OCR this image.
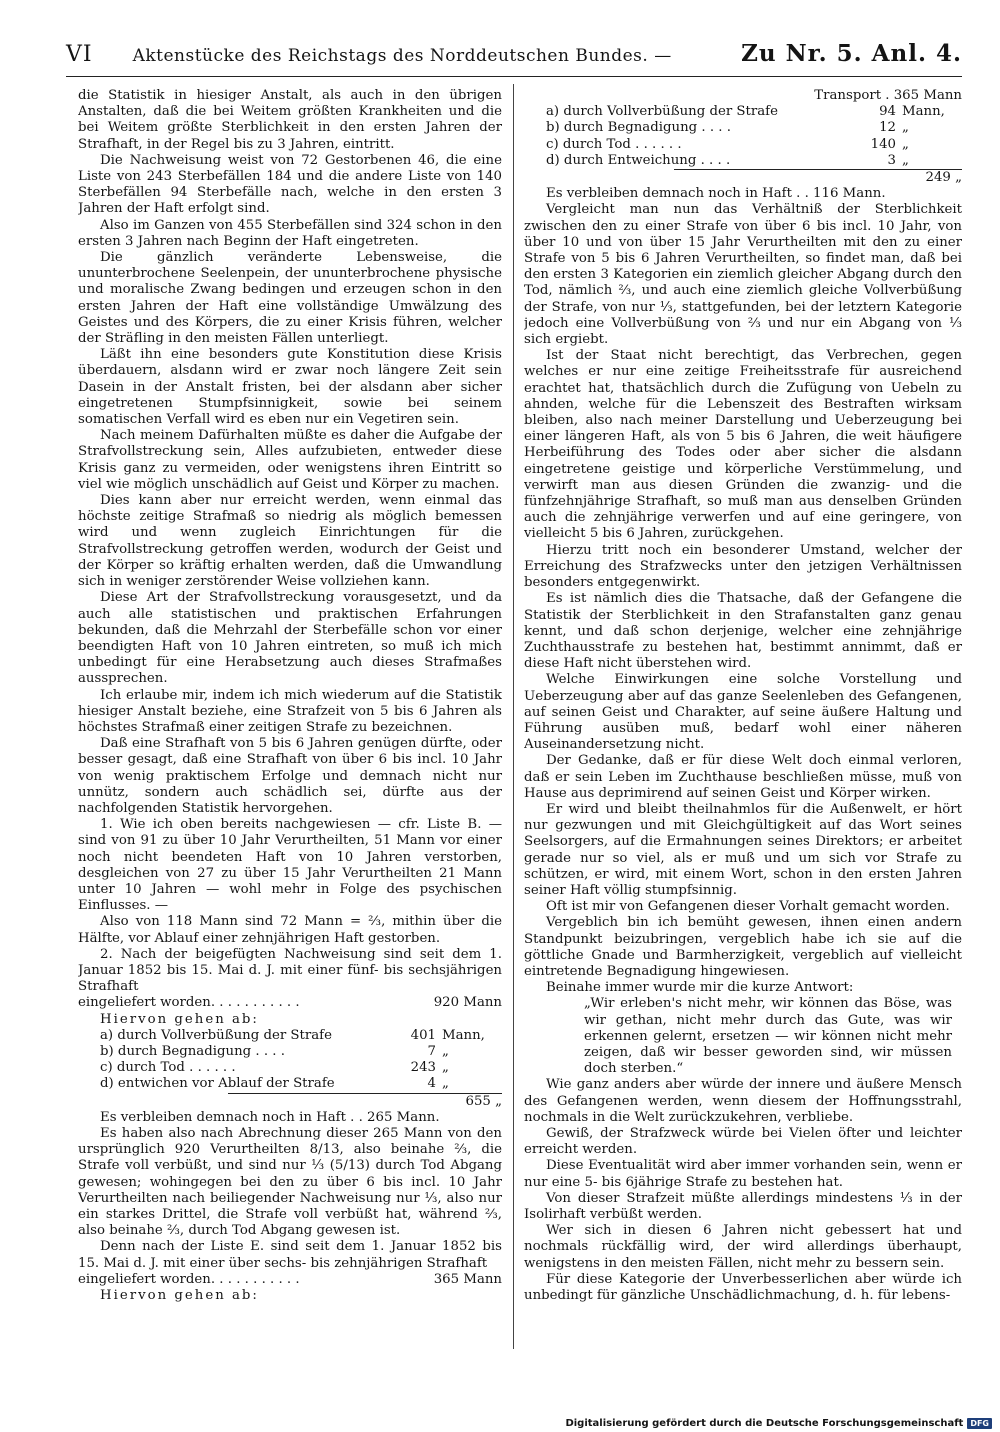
VI Aktenstücke des Reichstags des Norddeutschen Bundes. —	Zu Nr. 5. Anl. 4.

die Statistik in hiesiger Anstalt, als auch in den übrigen Anstalten, daß die bei Weitem größten Krankheiten und die bei Weitem größte Sterblichkeit in den ersten Jahren der Strafhaft, in der Regel bis zu 3 Jahren, eintritt.

Die Nachweisung weist von 72 Gestorbenen 46, die eine Liste von 243 Sterbefällen 184 und die andere Liste von 140 Sterbefällen 94 Sterbefälle nach, welche in den ersten 3 Jahren der Haft erfolgt sind.

Also im Ganzen von 455 Sterbefällen sind 324 schon in den ersten 3 Jahren nach Beginn der Haft eingetreten.

Die gänzlich veränderte Lebensweise, die ununterbrochene Seelenpein, der ununterbrochene physische und moralische Zwang bedingen und erzeugen schon in den ersten Jahren der Haft eine vollständige Umwälzung des Geistes und des Körpers, die zu einer Krisis führen, welcher der Sträfling in den meisten Fällen unterliegt.

Läßt ihn eine besonders gute Konstitution diese Krisis überdauern, alsdann wird er zwar noch längere Zeit sein Dasein in der Anstalt fristen, bei der alsdann aber sicher eingetretenen Stumpfsinnigkeit, sowie bei seinem somatischen Verfall wird es eben nur ein Vegetiren sein.

Nach meinem Dafürhalten müßte es daher die Aufgabe der Strafvollstreckung sein, Alles aufzubieten, entweder diese Krisis ganz zu vermeiden, oder wenigstens ihren Eintritt so viel wie möglich unschädlich auf Geist und Körper zu machen.

Dies kann aber nur erreicht werden, wenn einmal das höchste zeitige Strafmaß so niedrig als möglich bemessen wird und wenn zugleich Einrichtungen für die Strafvollstreckung getroffen werden, wodurch der Geist und der Körper so kräftig erhalten werden, daß die Umwandlung sich in weniger zerstörender Weise vollziehen kann.

Diese Art der Strafvollstreckung vorausgesetzt, und da auch alle statistischen und praktischen Erfahrungen bekunden, daß die Mehrzahl der Sterbefälle schon vor einer beendigten Haft von 10 Jahren eintreten, so muß ich mich unbedingt für eine Herabsetzung auch dieses Strafmaßes aussprechen.

Ich erlaube mir, indem ich mich wiederum auf die Statistik hiesiger Anstalt beziehe, eine Strafzeit von 5 bis 6 Jahren als höchstes Strafmaß einer zeitigen Strafe zu bezeichnen.

Daß eine Strafhaft von 5 bis 6 Jahren genügen dürfte, oder besser gesagt, daß eine Strafhaft von über 6 bis incl. 10 Jahr von wenig praktischem Erfolge und demnach nicht nur unnütz, sondern auch schädlich sei, dürfte aus der nachfolgenden Statistik hervorgehen.

1. Wie ich oben bereits nachgewiesen — cfr. Liste B. — sind von 91 zu über 10 Jahr Verurtheilten, 51 Mann vor einer noch nicht beendeten Haft von 10 Jahren verstorben, desgleichen von 27 zu über 15 Jahr Verurtheilten 21 Mann unter 10 Jahren — wohl mehr in Folge des psychischen Einflusses. —

Also von 118 Mann sind 72 Mann = ⅔, mithin über die Hälfte, vor Ablauf einer zehnjährigen Haft gestorben.

2. Nach der beigefügten Nachweisung sind seit dem 1. Januar 1852 bis 15. Mai d. J. mit einer fünf- bis sechsjährigen Strafhaft

eingeliefert worden. . . . . . . . . . .	920 Mann

Hiervon gehen ab:

a) durch Vollverbüßung der Strafe	401 Mann,
b) durch Begnadigung . . . .	7 „
c) durch Tod . . . . . .	243 „
d) entwichen vor Ablauf der Strafe	4 „
655 „

Es verbleiben demnach noch in Haft . . 265 Mann.

Es haben also nach Abrechnung dieser 265 Mann von den ursprünglich 920 Verurtheilten 8/13, also beinahe ⅔, die Strafe voll verbüßt, und sind nur ⅓ (5/13) durch Tod Abgang gewesen; wohingegen bei den zu über 6 bis incl. 10 Jahr Verurtheilten nach beiliegender Nachweisung nur ⅓, also nur ein starkes Drittel, die Strafe voll verbüßt hat, während ⅔, also beinahe ⅔, durch Tod Abgang gewesen ist.

Denn nach der Liste E. sind seit dem 1. Januar 1852 bis 15. Mai d. J. mit einer über sechs- bis zehnjährigen Strafhaft

eingeliefert worden. . . . . . . . . . .	365 Mann

Hiervon gehen ab:

Transport . 365 Mann
a) durch Vollverbüßung der Strafe	94 Mann,
b) durch Begnadigung . . . .	12 „
c) durch Tod . . . . . .	140 „
d) durch Entweichung . . . .	3 „
249 „

Es verbleiben demnach noch in Haft . . 116 Mann.

Vergleicht man nun das Verhältniß der Sterblichkeit zwischen den zu einer Strafe von über 6 bis incl. 10 Jahr, von über 10 und von über 15 Jahr Verurtheilten mit den zu einer Strafe von 5 bis 6 Jahren Verurtheilten, so findet man, daß bei den ersten 3 Kategorien ein ziemlich gleicher Abgang durch den Tod, nämlich ⅔, und auch eine ziemlich gleiche Vollverbüßung der Strafe, von nur ⅓, stattgefunden, bei der letztern Kategorie jedoch eine Vollverbüßung von ⅔ und nur ein Abgang von ⅓ sich ergiebt.

Ist der Staat nicht berechtigt, das Verbrechen, gegen welches er nur eine zeitige Freiheitsstrafe für ausreichend erachtet hat, thatsächlich durch die Zufügung von Uebeln zu ahnden, welche für die Lebenszeit des Bestraften wirksam bleiben, also nach meiner Darstellung und Ueberzeugung bei einer längeren Haft, als von 5 bis 6 Jahren, die weit häufigere Herbeiführung des Todes oder aber sicher die alsdann eingetretene geistige und körperliche Verstümmelung, und verwirft man aus diesen Gründen die zwanzig- und die fünfzehnjährige Strafhaft, so muß man aus denselben Gründen auch die zehnjährige verwerfen und auf eine geringere, von vielleicht 5 bis 6 Jahren, zurückgehen.

Hierzu tritt noch ein besonderer Umstand, welcher der Erreichung des Strafzwecks unter den jetzigen Verhältnissen besonders entgegenwirkt.

Es ist nämlich dies die Thatsache, daß der Gefangene die Statistik der Sterblichkeit in den Strafanstalten ganz genau kennt, und daß schon derjenige, welcher eine zehnjährige Zuchthausstrafe zu bestehen hat, bestimmt annimmt, daß er diese Haft nicht überstehen wird.

Welche Einwirkungen eine solche Vorstellung und Ueberzeugung aber auf das ganze Seelenleben des Gefangenen, auf seinen Geist und Charakter, auf seine äußere Haltung und Führung ausüben muß, bedarf wohl einer näheren Auseinandersetzung nicht.

Der Gedanke, daß er für diese Welt doch einmal verloren, daß er sein Leben im Zuchthause beschließen müsse, muß von Hause aus deprimirend auf seinen Geist und Körper wirken.

Er wird und bleibt theilnahmlos für die Außenwelt, er hört nur gezwungen und mit Gleichgültigkeit auf das Wort seines Seelsorgers, auf die Ermahnungen seines Direktors; er arbeitet gerade nur so viel, als er muß und um sich vor Strafe zu schützen, er wird, mit einem Wort, schon in den ersten Jahren seiner Haft völlig stumpfsinnig.

Oft ist mir von Gefangenen dieser Vorhalt gemacht worden.

Vergeblich bin ich bemüht gewesen, ihnen einen andern Standpunkt beizubringen, vergeblich habe ich sie auf die göttliche Gnade und Barmherzigkeit, vergeblich auf vielleicht eintretende Begnadigung hingewiesen.

Beinahe immer wurde mir die kurze Antwort:

„Wir erleben's nicht mehr, wir können das Böse, was wir gethan, nicht mehr durch das Gute, was wir erkennen gelernt, ersetzen — wir können nicht mehr zeigen, daß wir besser geworden sind, wir müssen doch sterben.“

Wie ganz anders aber würde der innere und äußere Mensch des Gefangenen werden, wenn diesem der Hoffnungsstrahl, nochmals in die Welt zurückzukehren, verbliebe.

Gewiß, der Strafzweck würde bei Vielen öfter und leichter erreicht werden.

Diese Eventualität wird aber immer vorhanden sein, wenn er nur eine 5- bis 6jährige Strafe zu bestehen hat.

Von dieser Strafzeit müßte allerdings mindestens ⅓ in der Isolirhaft verbüßt werden.

Wer sich in diesen 6 Jahren nicht gebessert hat und nochmals rückfällig wird, der wird allerdings überhaupt, wenigstens in den meisten Fällen, nicht mehr zu bessern sein.

Für diese Kategorie der Unverbesserlichen aber würde ich unbedingt für gänzliche Unschädlichmachung, d. h. für lebens-

Digitalisierung gefördert durch die Deutsche Forschungsgemeinschaft DFG
